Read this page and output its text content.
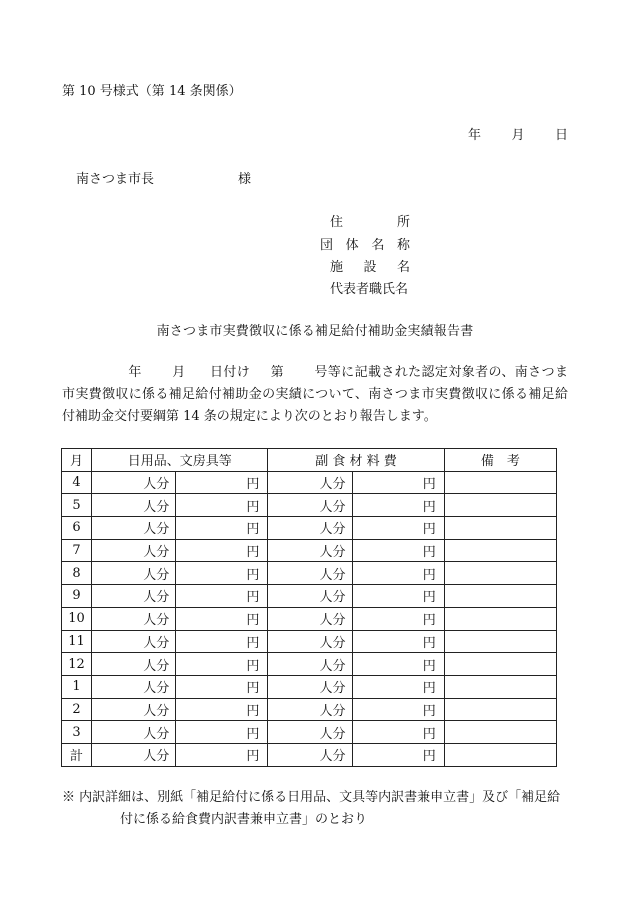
第 10 号様式（第 14 条関係）
年 月 日
南さつま市長	様
住	所
団 体 名 称
施 設 名
代表者職氏名
南さつま市実費徴収に係る補足給付補助金実績報告書
年 月 日付け 第 号等に記載された認定対象者の、南さつま市実費徴収に係る補足給付補助金の実績について、南さつま市実費徴収に係る補足給付補助金交付要綱第 14 条の規定により次のとおり報告します。
月	日用品、文房具等		副 食 材 料 費		備　考
4	人分	円	人分	円	
5	人分	円	人分	円	
6	人分	円	人分	円	
7	人分	円	人分	円	
8	人分	円	人分	円	
9	人分	円	人分	円	
10	人分	円	人分	円	
11	人分	円	人分	円	
12	人分	円	人分	円	
1	人分	円	人分	円	
2	人分	円	人分	円	
3	人分	円	人分	円	
計	人分	円	人分	円	
※ 内訳詳細は、別紙「補足給付に係る日用品、文具等内訳書兼申立書」及び「補足給付に係る給食費内訳書兼申立書」のとおり
